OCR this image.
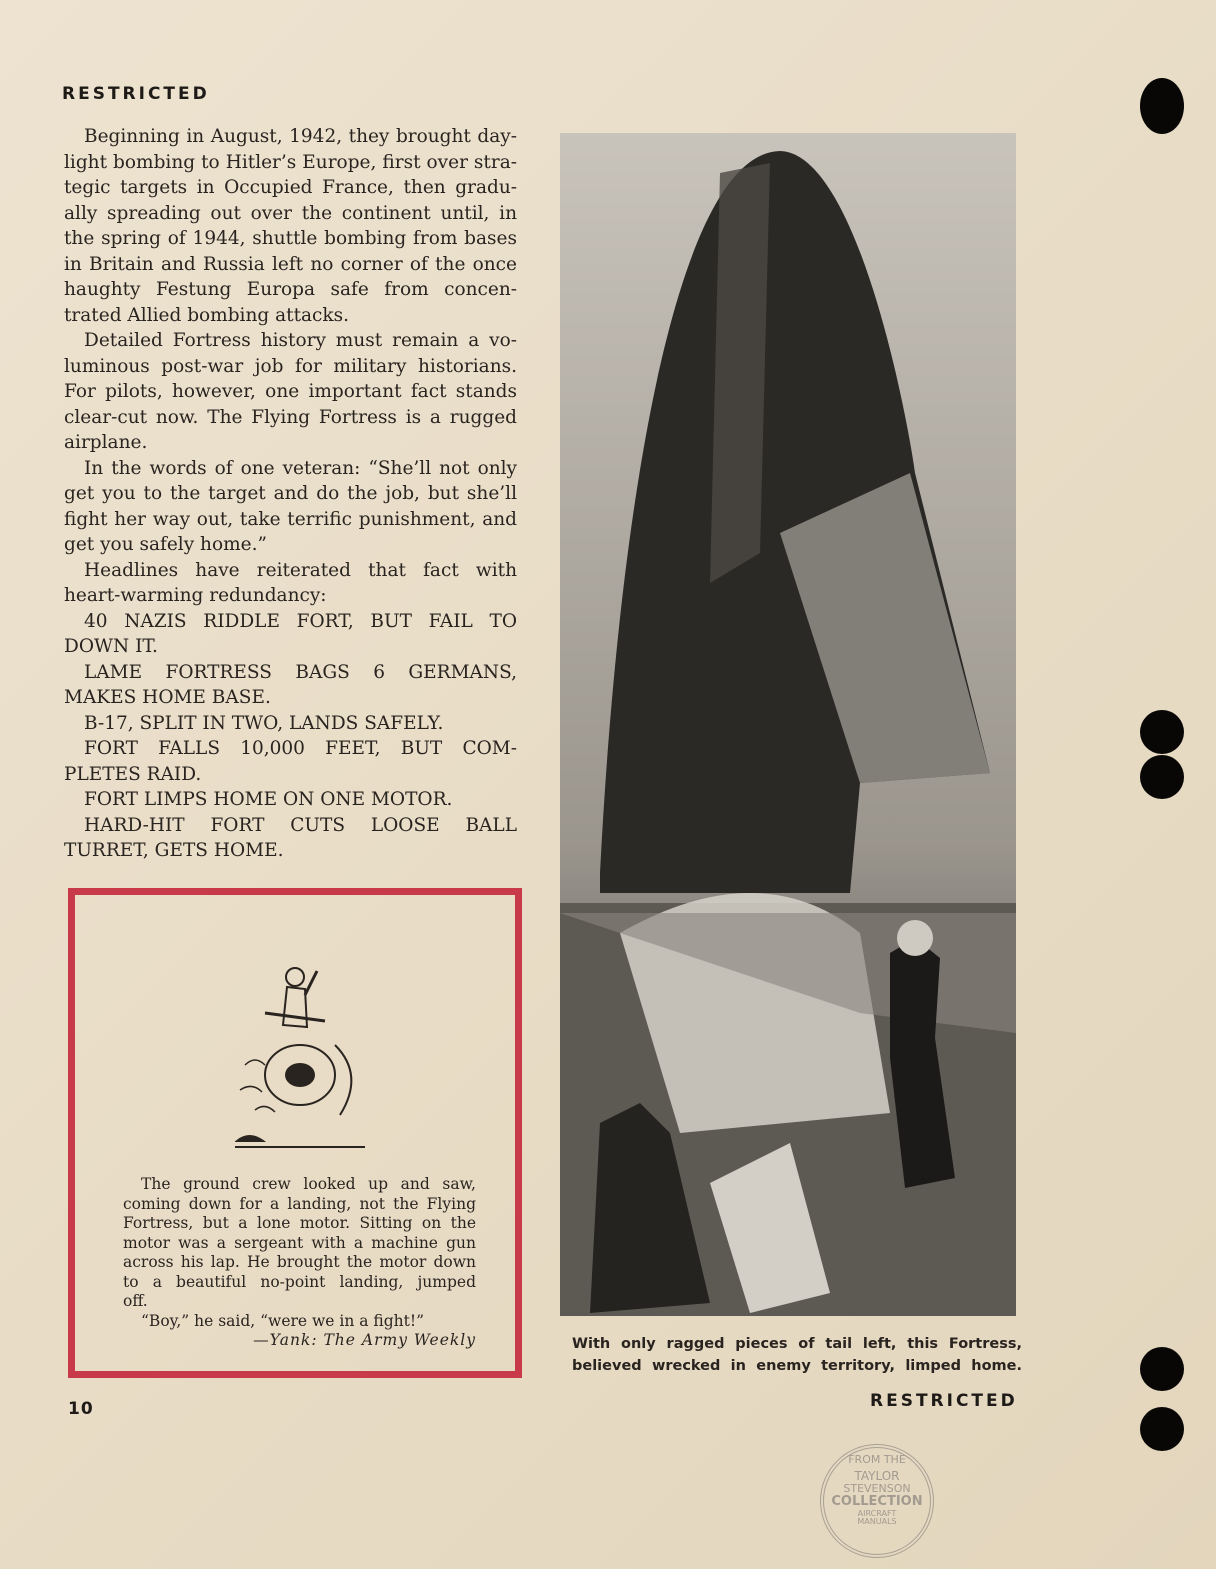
RESTRICTED
Beginning in August, 1942, they brought day-
light bombing to Hitler’s Europe, first over stra-
tegic targets in Occupied France, then gradu-
ally spreading out over the continent until, in
the spring of 1944, shuttle bombing from bases
in Britain and Russia left no corner of the once
haughty Festung Europa safe from concen-
trated Allied bombing attacks.
Detailed Fortress history must remain a vo-
luminous post-war job for military historians.
For pilots, however, one important fact stands
clear-cut now. The Flying Fortress is a rugged
airplane.
In the words of one veteran: “She’ll not only
get you to the target and do the job, but she’ll
fight her way out, take terrific punishment, and
get you safely home.”
Headlines have reiterated that fact with
heart-warming redundancy:
40 NAZIS RIDDLE FORT, BUT FAIL TO
DOWN IT.
LAME FORTRESS BAGS 6 GERMANS,
MAKES HOME BASE.
B-17, SPLIT IN TWO, LANDS SAFELY.
FORT FALLS 10,000 FEET, BUT COM-
PLETES RAID.
FORT LIMPS HOME ON ONE MOTOR.
HARD-HIT FORT CUTS LOOSE BALL
TURRET, GETS HOME.
The ground crew looked up and saw,
coming down for a landing, not the Flying
Fortress, but a lone motor. Sitting on the
motor was a sergeant with a machine gun
across his lap. He brought the motor down
to a beautiful no-point landing, jumped
off.
“Boy,” he said, “were we in a fight!”
—Yank: The Army Weekly	With only ragged pieces of tail left, this Fortress,
believed wrecked in enemy territory, limped home.
10	RESTRICTED
FROM THE
TAYLOR
STEVENSON
COLLECTION
AIRCRAFT
MANUALS
